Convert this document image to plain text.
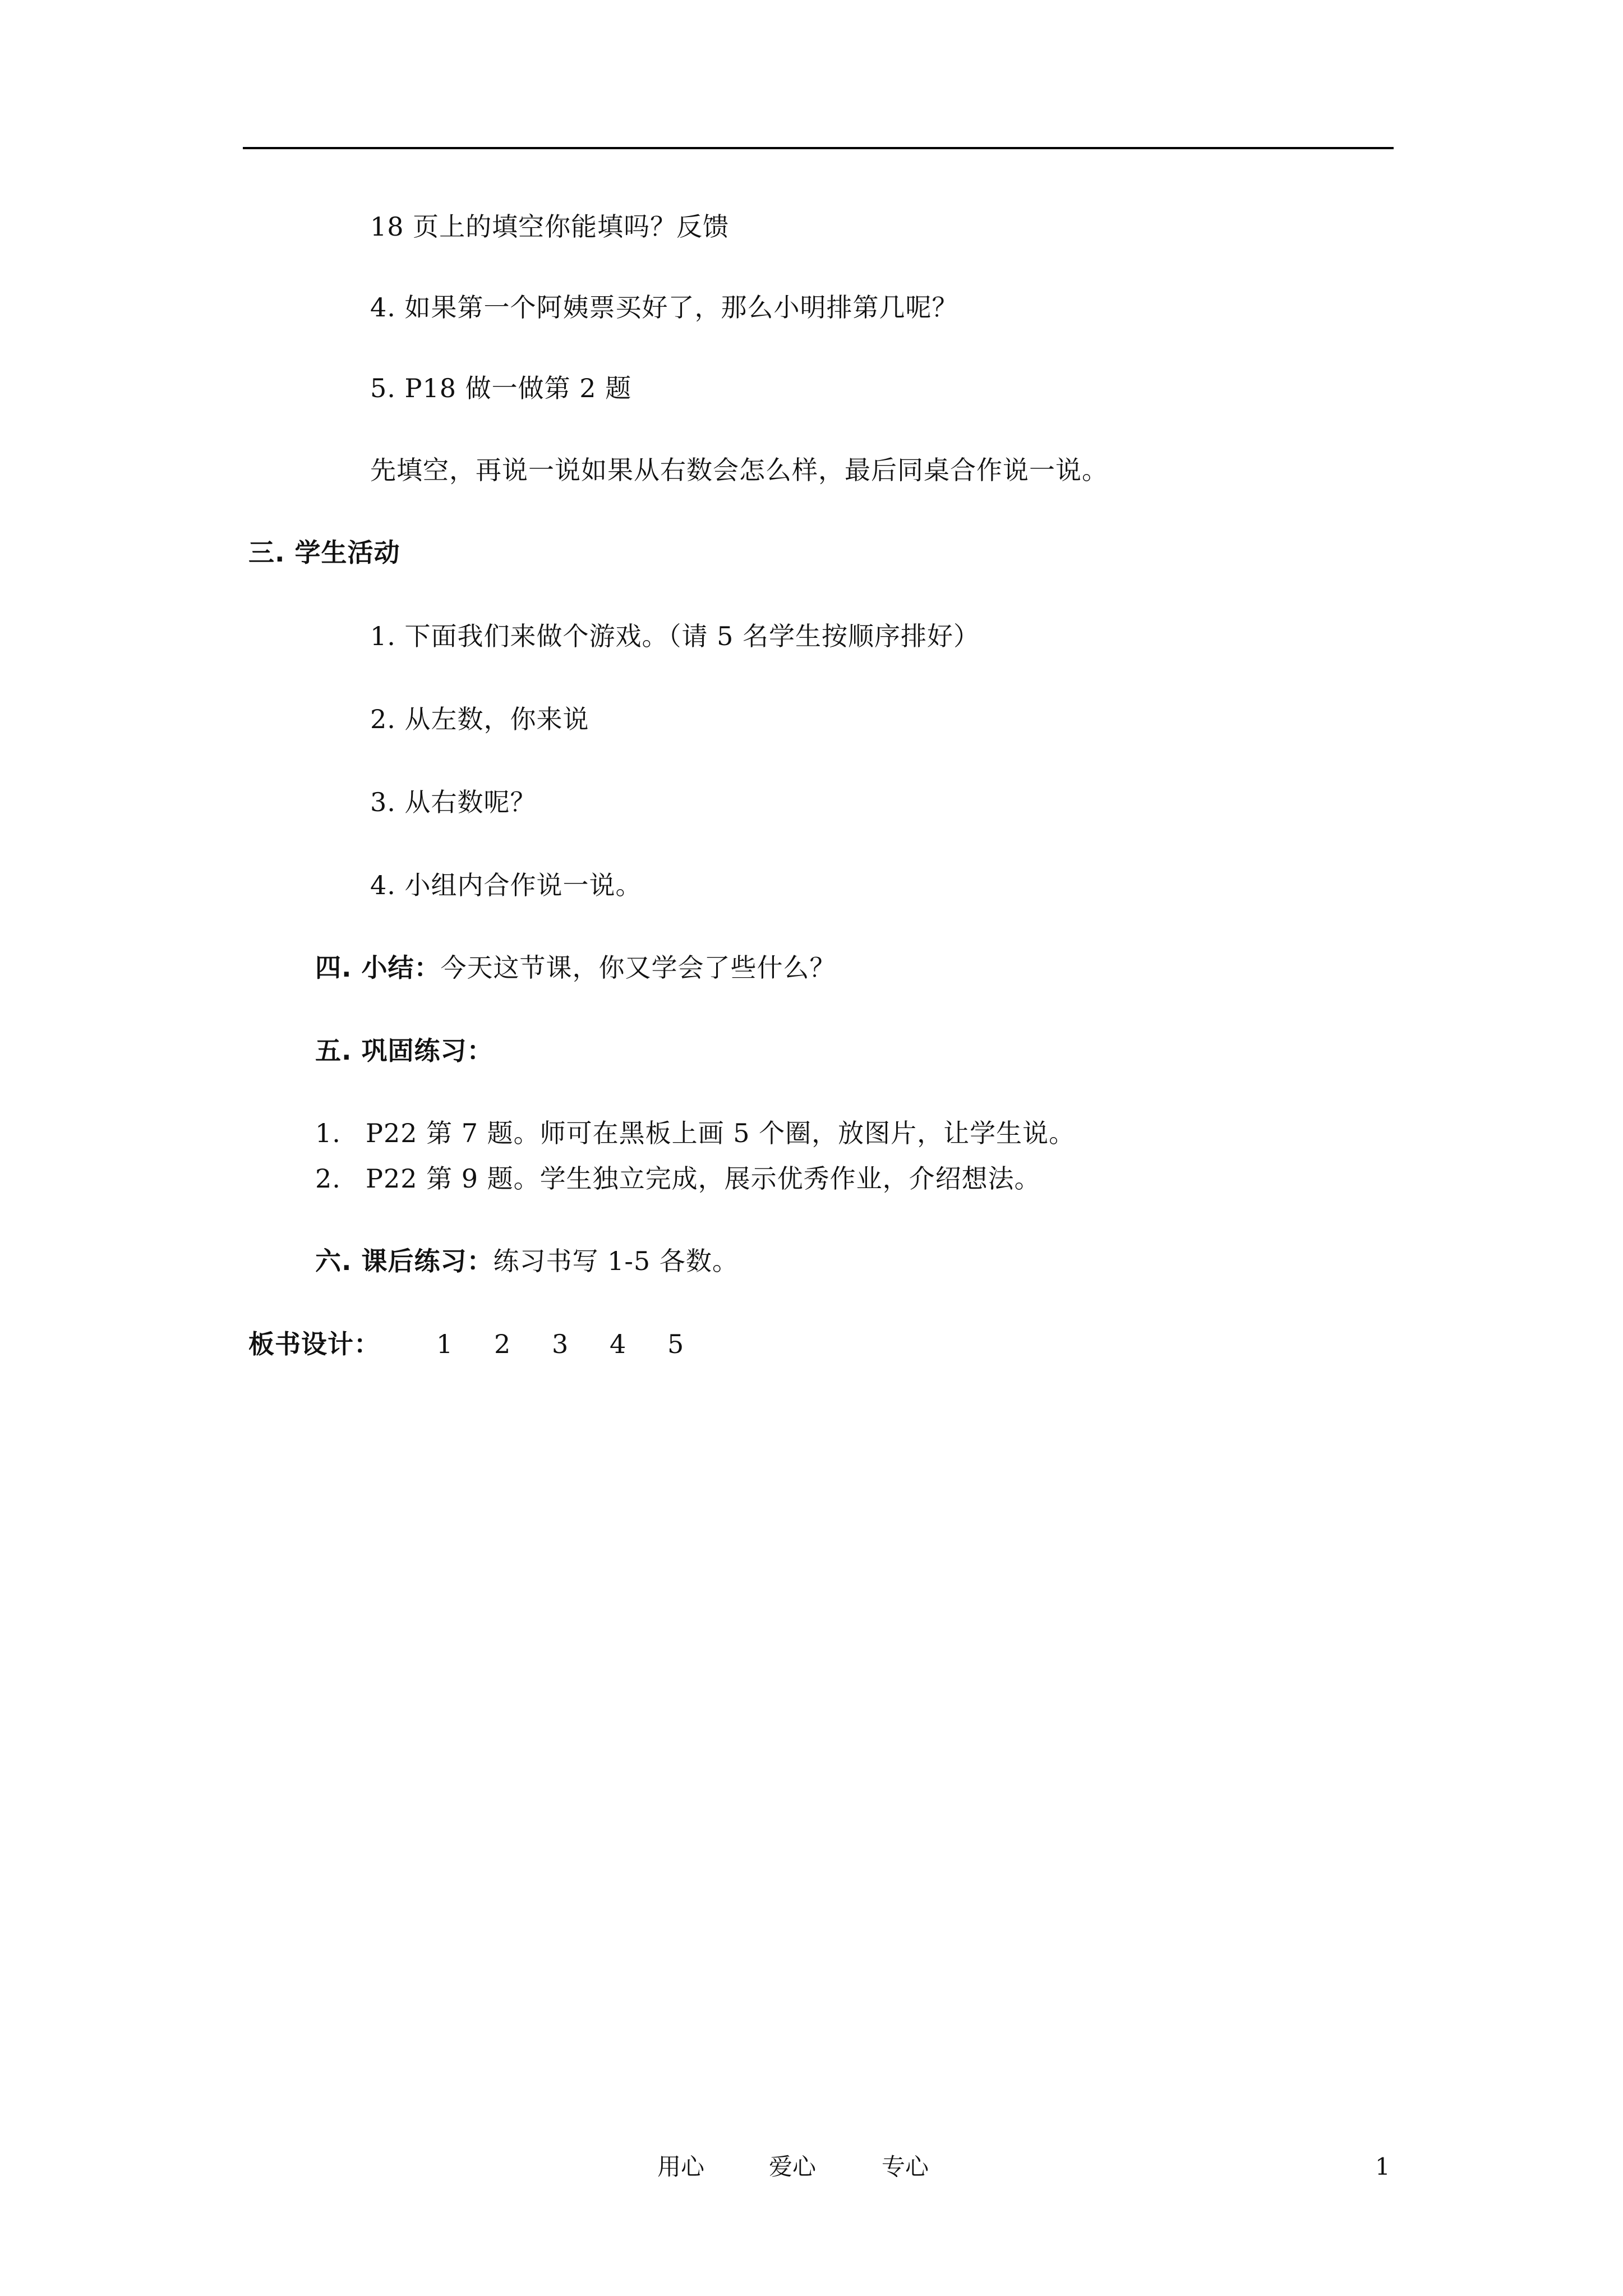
18 页上的填空你能填吗？反馈
4. 如果第一个阿姨票买好了，那么小明排第几呢？
5. P18 做一做第 2 题
先填空，再说一说如果从右数会怎么样，最后同桌合作说一说。
三. 学生活动
1. 下面我们来做个游戏。（请 5 名学生按顺序排好）
2. 从左数，你来说
3. 从右数呢？
4. 小组内合作说一说。
四. 小结：今天这节课，你又学会了些什么？
五. 巩固练习：
1. P22 第 7 题。师可在黑板上画 5 个圈，放图片，让学生说。
2. P22 第 9 题。学生独立完成，展示优秀作业，介绍想法。
六. 课后练习：练习书写 1-5 各数。
板书设计： 1 2 3 4 5
用心	爱心	专心	1
